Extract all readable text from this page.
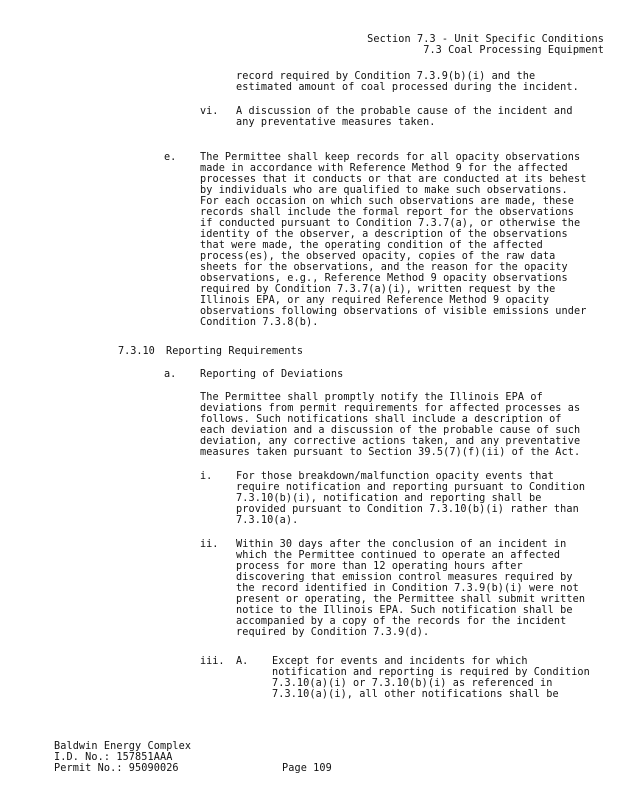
Section 7.3 - Unit Specific Conditions
7.3 Coal Processing Equipment
record required by Condition 7.3.9(b)(i) and the
estimated amount of coal processed during the incident.
vi. A discussion of the probable cause of the incident and
any preventative measures taken.
e. The Permittee shall keep records for all opacity observations
made in accordance with Reference Method 9 for the affected
processes that it conducts or that are conducted at its behest
by individuals who are qualified to make such observations.
For each occasion on which such observations are made, these
records shall include the formal report for the observations
if conducted pursuant to Condition 7.3.7(a), or otherwise the
identity of the observer, a description of the observations
that were made, the operating condition of the affected
process(es), the observed opacity, copies of the raw data
sheets for the observations, and the reason for the opacity
observations, e.g., Reference Method 9 opacity observations
required by Condition 7.3.7(a)(i), written request by the
Illinois EPA, or any required Reference Method 9 opacity
observations following observations of visible emissions under
Condition 7.3.8(b).
7.3.10 Reporting Requirements
a. Reporting of Deviations
The Permittee shall promptly notify the Illinois EPA of
deviations from permit requirements for affected processes as
follows. Such notifications shall include a description of
each deviation and a discussion of the probable cause of such
deviation, any corrective actions taken, and any preventative
measures taken pursuant to Section 39.5(7)(f)(ii) of the Act.
i. For those breakdown/malfunction opacity events that
require notification and reporting pursuant to Condition
7.3.10(b)(i), notification and reporting shall be
provided pursuant to Condition 7.3.10(b)(i) rather than
7.3.10(a).
ii. Within 30 days after the conclusion of an incident in
which the Permittee continued to operate an affected
process for more than 12 operating hours after
discovering that emission control measures required by
the record identified in Condition 7.3.9(b)(i) were not
present or operating, the Permittee shall submit written
notice to the Illinois EPA. Such notification shall be
accompanied by a copy of the records for the incident
required by Condition 7.3.9(d).
iii. A. Except for events and incidents for which
notification and reporting is required by Condition
7.3.10(a)(i) or 7.3.10(b)(i) as referenced in
7.3.10(a)(i), all other notifications shall be
Baldwin Energy Complex
I.D. No.: 157851AAA
Permit No.: 95090026	Page 109
